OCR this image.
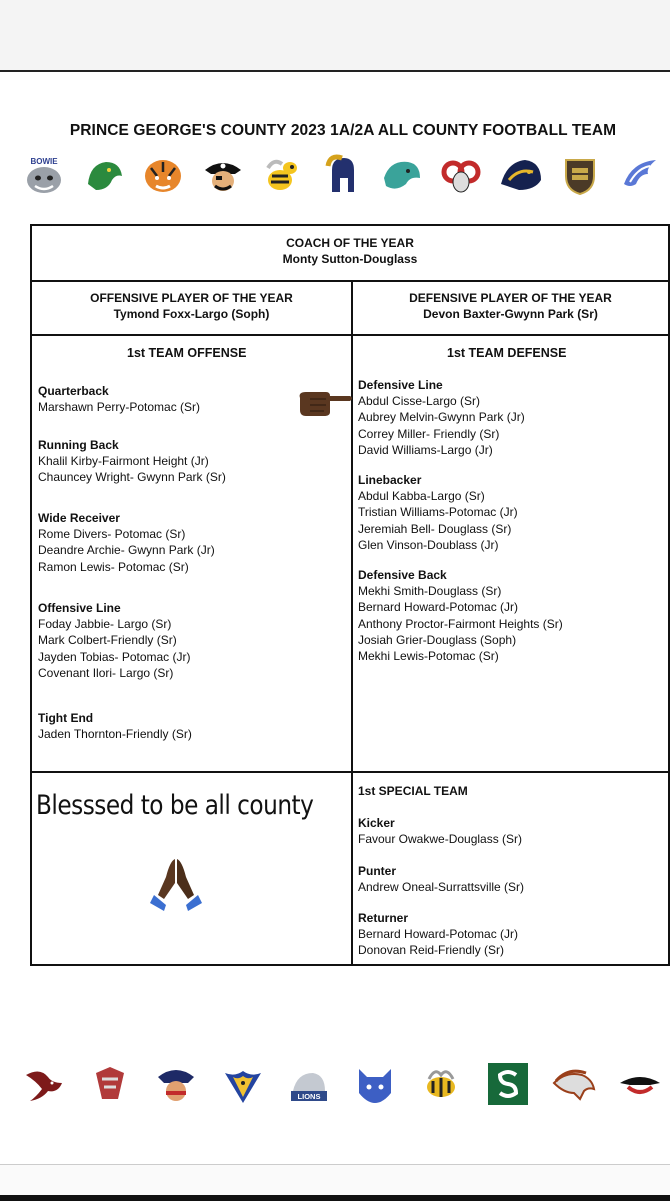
PRINCE GEORGE'S COUNTY 2023 1A/2A ALL COUNTY FOOTBALL TEAM
BOWIE
COACH OF THE YEAR
Monty Sutton-Douglass
OFFENSIVE PLAYER OF THE YEAR
Tymond Foxx-Largo (Soph)
DEFENSIVE PLAYER OF THE YEAR
Devon Baxter-Gwynn Park (Sr)
1st TEAM OFFENSE	1st TEAM DEFENSE
1st SPECIAL TEAM
Quarterback
Marshawn Perry-Potomac (Sr)
Running Back
Khalil Kirby-Fairmont Height (Jr)
Chauncey Wright- Gwynn Park (Sr)
Wide Receiver
Rome Divers- Potomac (Sr)
Deandre Archie- Gwynn Park (Jr)
Ramon Lewis- Potomac (Sr)
Offensive Line
Foday Jabbie- Largo (Sr)
Mark Colbert-Friendly (Sr)
Jayden Tobias- Potomac (Jr)
Covenant Ilori- Largo (Sr)
Tight End
Jaden Thornton-Friendly (Sr)
Defensive Line
Abdul Cisse-Largo (Sr)
Aubrey Melvin-Gwynn Park (Jr)
Correy Miller- Friendly (Sr)
David Williams-Largo (Jr)
Linebacker
Abdul Kabba-Largo (Sr)
Tristian Williams-Potomac (Jr)
Jeremiah Bell- Douglass (Sr)
Glen Vinson-Doublass (Jr)
Defensive Back
Mekhi Smith-Douglass (Sr)
Bernard Howard-Potomac (Jr)
Anthony Proctor-Fairmont Heights (Sr)
Josiah Grier-Douglass (Soph)
Mekhi Lewis-Potomac (Sr)
Kicker
Favour Owakwe-Douglass (Sr)
Punter
Andrew Oneal-Surrattsville (Sr)
Returner
Bernard Howard-Potomac (Jr)
Donovan Reid-Friendly (Sr)
Blesssed to be all county
LIONS
